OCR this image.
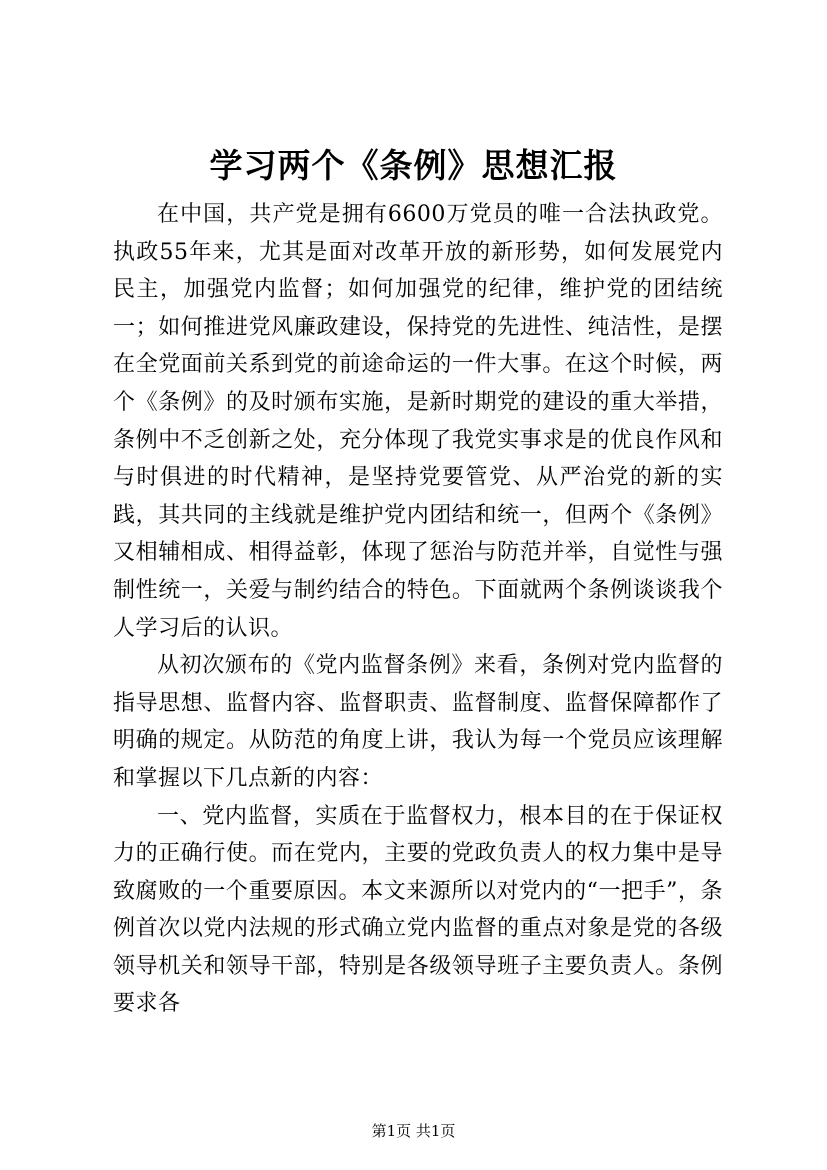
学习两个《条例》思想汇报

在中国，共产党是拥有6600万党员的唯一合法执政党。执政55年来，尤其是面对改革开放的新形势，如何发展党内民主，加强党内监督；如何加强党的纪律，维护党的团结统一；如何推进党风廉政建设，保持党的先进性、纯洁性，是摆在全党面前关系到党的前途命运的一件大事。在这个时候，两个《条例》的及时颁布实施，是新时期党的建设的重大举措，条例中不乏创新之处，充分体现了我党实事求是的优良作风和与时俱进的时代精神，是坚持党要管党、从严治党的新的实践，其共同的主线就是维护党内团结和统一，但两个《条例》又相辅相成、相得益彰，体现了惩治与防范并举，自觉性与强制性统一，关爱与制约结合的特色。下面就两个条例谈谈我个人学习后的认识。

从初次颁布的《党内监督条例》来看，条例对党内监督的指导思想、监督内容、监督职责、监督制度、监督保障都作了明确的规定。从防范的角度上讲，我认为每一个党员应该理解和掌握以下几点新的内容：

一、党内监督，实质在于监督权力，根本目的在于保证权力的正确行使。而在党内，主要的党政负责人的权力集中是导致腐败的一个重要原因。本文来源所以对党内的“一把手”，条例首次以党内法规的形式确立党内监督的重点对象是党的各级领导机关和领导干部，特别是各级领导班子主要负责人。条例要求各

第1页 共1页
